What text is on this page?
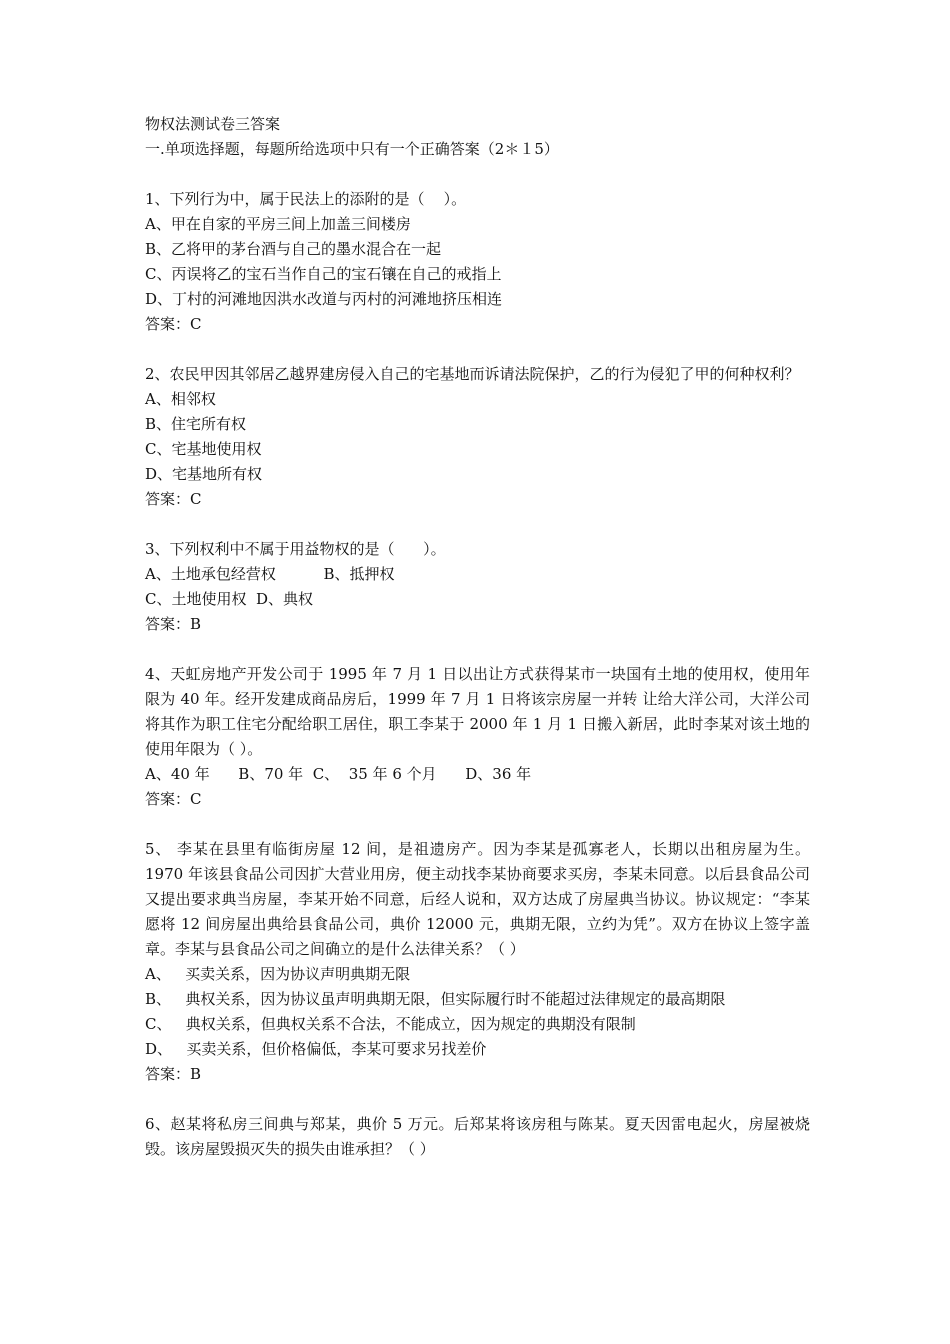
物权法测试卷三答案
一.单项选择题，每题所给选项中只有一个正确答案（2＊１5）
1、下列行为中，属于民法上的添附的是（    ）。
A、甲在自家的平房三间上加盖三间楼房
B、乙将甲的茅台酒与自己的墨水混合在一起
C、丙误将乙的宝石当作自己的宝石镶在自己的戒指上
D、丁村的河滩地因洪水改道与丙村的河滩地挤压相连
答案：C
2、农民甲因其邻居乙越界建房侵入自己的宅基地而诉请法院保护，乙的行为侵犯了甲的何种权利？
A、相邻权
B、住宅所有权
C、宅基地使用权
D、宅基地所有权
答案：C
3、下列权利中不属于用益物权的是（      ）。
A、土地承包经营权          B、抵押权
C、土地使用权  D、典权
答案：B
4、天虹房地产开发公司于 1995 年 7 月 1 日以出让方式获得某市一块国有土地的使用权，使用年限为 40 年。经开发建成商品房后，1999 年 7 月 1 日将该宗房屋一并转 让给大洋公司，大洋公司将其作为职工住宅分配给职工居住，职工李某于 2000 年 1 月 1 日搬入新居，此时李某对该土地的使用年限为（ ）。
A、40 年      B、70 年  C、  35 年 6 个月      D、36 年
答案：C
5、 李某在县里有临街房屋 12 间，是祖遗房产。因为李某是孤寡老人，长期以出租房屋为生。1970 年该县食品公司因扩大营业用房，便主动找李某协商要求买房，李某未同意。以后县食品公司又提出要求典当房屋，李某开始不同意，后经人说和，双方达成了房屋典当协议。协议规定：“李某愿将 12 间房屋出典给县食品公司，典价 12000 元，典期无限，立约为凭”。双方在协议上签字盖章。李某与县食品公司之间确立的是什么法律关系？（ ）
A、   买卖关系，因为协议声明典期无限
B、   典权关系，因为协议虽声明典期无限，但实际履行时不能超过法律规定的最高期限
C、   典权关系，但典权关系不合法，不能成立，因为规定的典期没有限制
D、   买卖关系，但价格偏低，李某可要求另找差价
答案：B
6、赵某将私房三间典与郑某，典价 5 万元。后郑某将该房租与陈某。夏天因雷电起火，房屋被烧毁。该房屋毁损灭失的损失由谁承担？（ ）
